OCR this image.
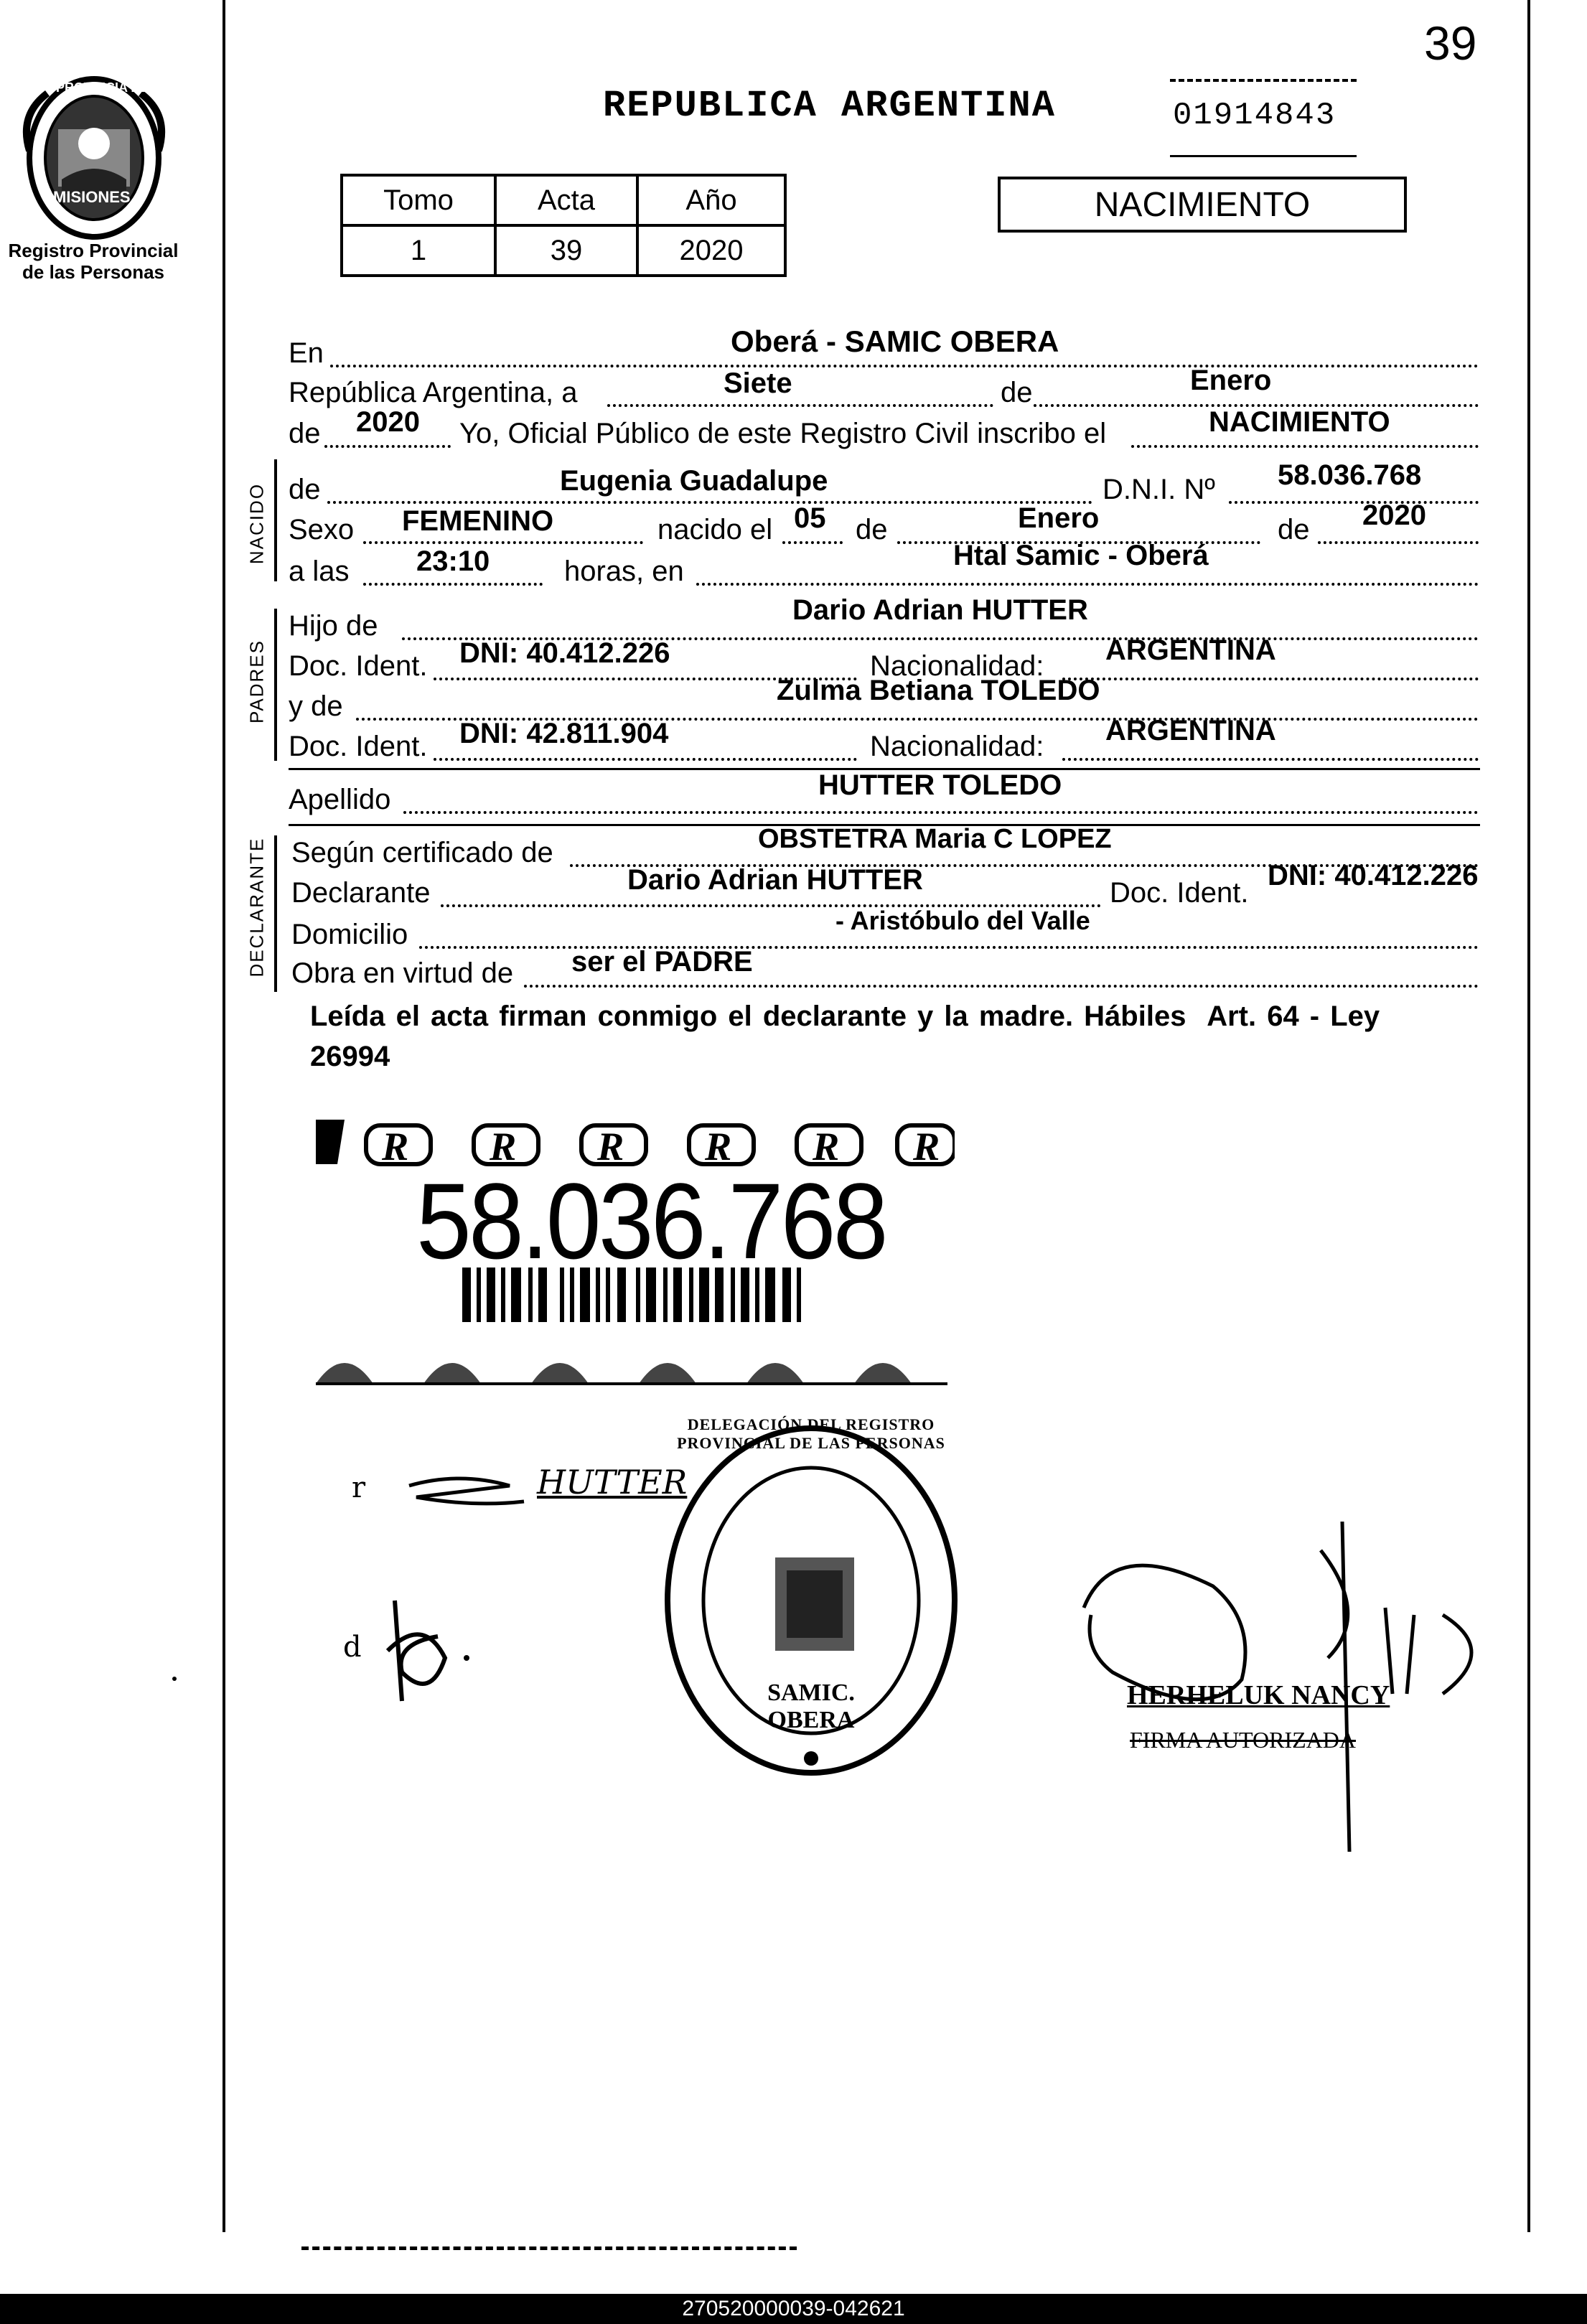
39
PROVINCIA DE
MISIONES
Registro Provincial
de las Personas
REPUBLICA ARGENTINA	01914843
Tomo	Acta	Año
1	39	2020
NACIMIENTO
En	Oberá - SAMIC OBERA
República Argentina, a	Siete	de	Enero
de 2020 Yo, Oficial Público de este Registro Civil inscribo el	NACIMIENTO
NACIDO de	Eugenia Guadalupe	D.N.I. Nº 58.036.768
Sexo FEMENINO	nacido el 05 de	Enero	de 2020
a las 23:10	horas, en	Htal Samic - Oberá
PADRES
Hijo de	Dario Adrian HUTTER
Doc. Ident. DNI: 40.412.226	Nacionalidad: ARGENTINA
y de	Zulma Betiana TOLEDO
Doc. Ident. DNI: 42.811.904	Nacionalidad: ARGENTINA
Apellido	HUTTER TOLEDO
DECLARANTE Según certificado de	OBSTETRA Maria C LOPEZ
Declarante	Dario Adrian HUTTER	Doc. Ident.
DNI: 40.412.226
Domicilio	- Aristóbulo del Valle
Obra en virtud de ser el PADRE
Leída el acta firman conmigo el declarante y la madre. Hábiles  Art. 64 - Ley
26994
R R R R R R
58.036.768
r	HUTTER
d
DELEGACIÓN DEL REGISTRO PROVINCIAL DE LAS PERSONAS
SAMIC. OBERA
HERHELUK NANCY
FIRMA AUTORIZADA
270520000039-042621
